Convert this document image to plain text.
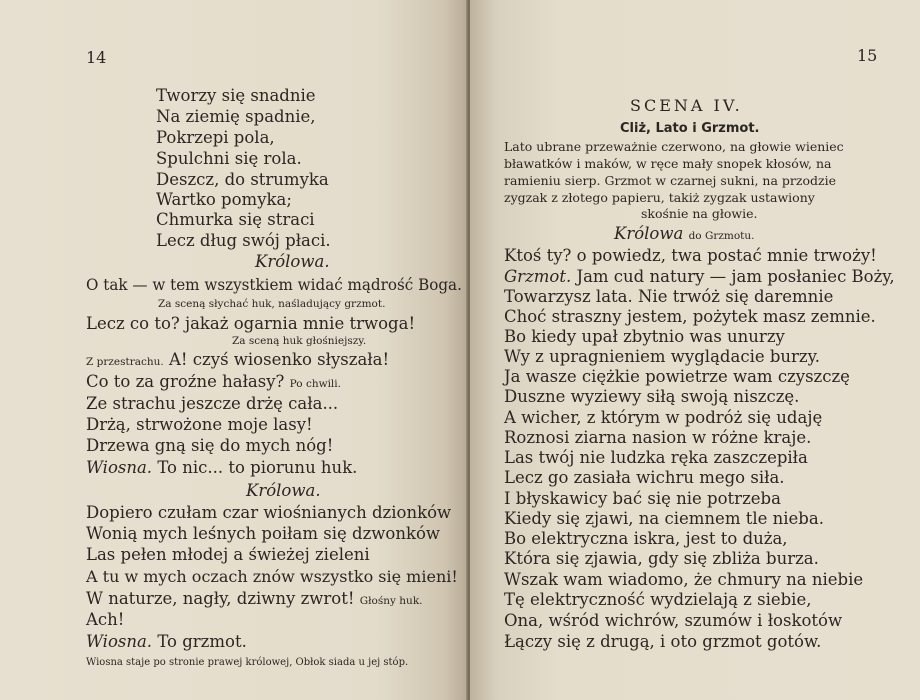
14
Tworzy się snadnie
Na ziemię spadnie,
Pokrzepi pola,
Spulchni się rola.
Deszcz, do strumyka
Wartko pomyka;
Chmurka się straci
Lecz dług swój płaci.
Królowa.
O tak — w tem wszystkiem widać mądrość Boga.
Za sceną słychać huk, naśladujący grzmot.
Lecz co to? jakaż ogarnia mnie trwoga!
Za sceną huk głośniejszy.
Z przestrachu. A! czyś wiosenko słyszała!
Co to za groźne hałasy? Po chwili.
Ze strachu jeszcze drżę cała...
Drżą, strwożone moje lasy!
Drzewa gną się do mych nóg!
Wiosna. To nic... to piorunu huk.
Królowa.
Dopiero czułam czar wiośnianych dzionków
Wonią mych leśnych poiłam się dzwonków
Las pełen młodej a świeżej zieleni
A tu w mych oczach znów wszystko się mieni!
W naturze, nagły, dziwny zwrot! Głośny huk.
Ach!
Wiosna. To grzmot.
Wiosna staje po stronie prawej królowej, Obłok siada u jej stóp.
15
SCENA IV.
Cliż, Lato i Grzmot.
Lato ubrane przeważnie czerwono, na głowie wieniec
bławatków i maków, w ręce mały snopek kłosów, na
ramieniu sierp. Grzmot w czarnej sukni, na przodzie
zygzak z złotego papieru, takiż zygzak ustawiony
skośnie na głowie.
Królowa do Grzmotu.
Ktoś ty? o powiedz, twa postać mnie trwoży!
Grzmot. Jam cud natury — jam posłaniec Boży,
Towarzysz lata. Nie trwóż się daremnie
Choć straszny jestem, pożytek masz zemnie.
Bo kiedy upał zbytnio was unurzy
Wy z upragnieniem wyglądacie burzy.
Ja wasze ciężkie powietrze wam czyszczę
Duszne wyziewy siłą swoją niszczę.
A wicher, z którym w podróż się udaję
Roznosi ziarna nasion w różne kraje.
Las twój nie ludzka ręka zaszczepiła
Lecz go zasiała wichru mego siła.
I błyskawicy bać się nie potrzeba
Kiedy się zjawi, na ciemnem tle nieba.
Bo elektryczna iskra, jest to duża,
Która się zjawia, gdy się zbliża burza.
Wszak wam wiadomo, że chmury na niebie
Tę elektryczność wydzielają z siebie,
Ona, wśród wichrów, szumów i łoskotów
Łączy się z drugą, i oto grzmot gotów.
